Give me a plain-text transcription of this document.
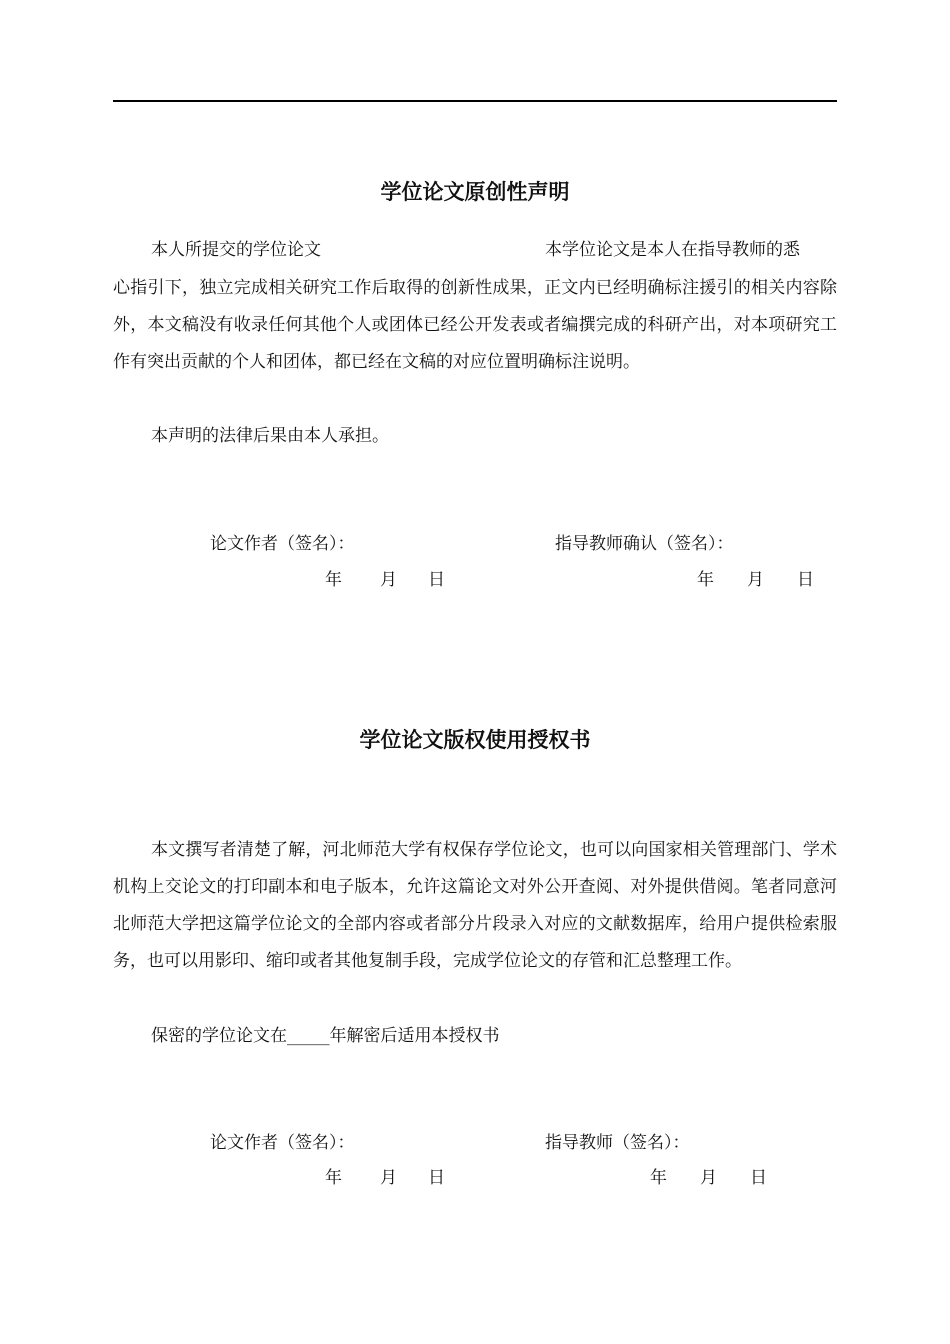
学位论文原创性声明
本人所提交的学位论文	本学位论文是本人在指导教师的悉

心指引下，独立完成相关研究工作后取得的创新性成果，正文内已经明确标注援引的相关内容除外，本文稿没有收录任何其他个人或团体已经公开发表或者编撰完成的科研产出，对本项研究工作有突出贡献的个人和团体，都已经在文稿的对应位置明确标注说明。

本声明的法律后果由本人承担。

论文作者（签名）：	指导教师确认（签名）：
年 月 日	年 月 日
学位论文版权使用授权书

本文撰写者清楚了解，河北师范大学有权保存学位论文，也可以向国家相关管理部门、学术机构上交论文的打印副本和电子版本，允许这篇论文对外公开查阅、对外提供借阅。笔者同意河北师范大学把这篇学位论文的全部内容或者部分片段录入对应的文献数据库，给用户提供检索服务，也可以用影印、缩印或者其他复制手段，完成学位论文的存管和汇总整理工作。

保密的学位论文在_____年解密后适用本授权书

论文作者（签名）：	指导教师（签名）：
年 月 日	年 月 日
